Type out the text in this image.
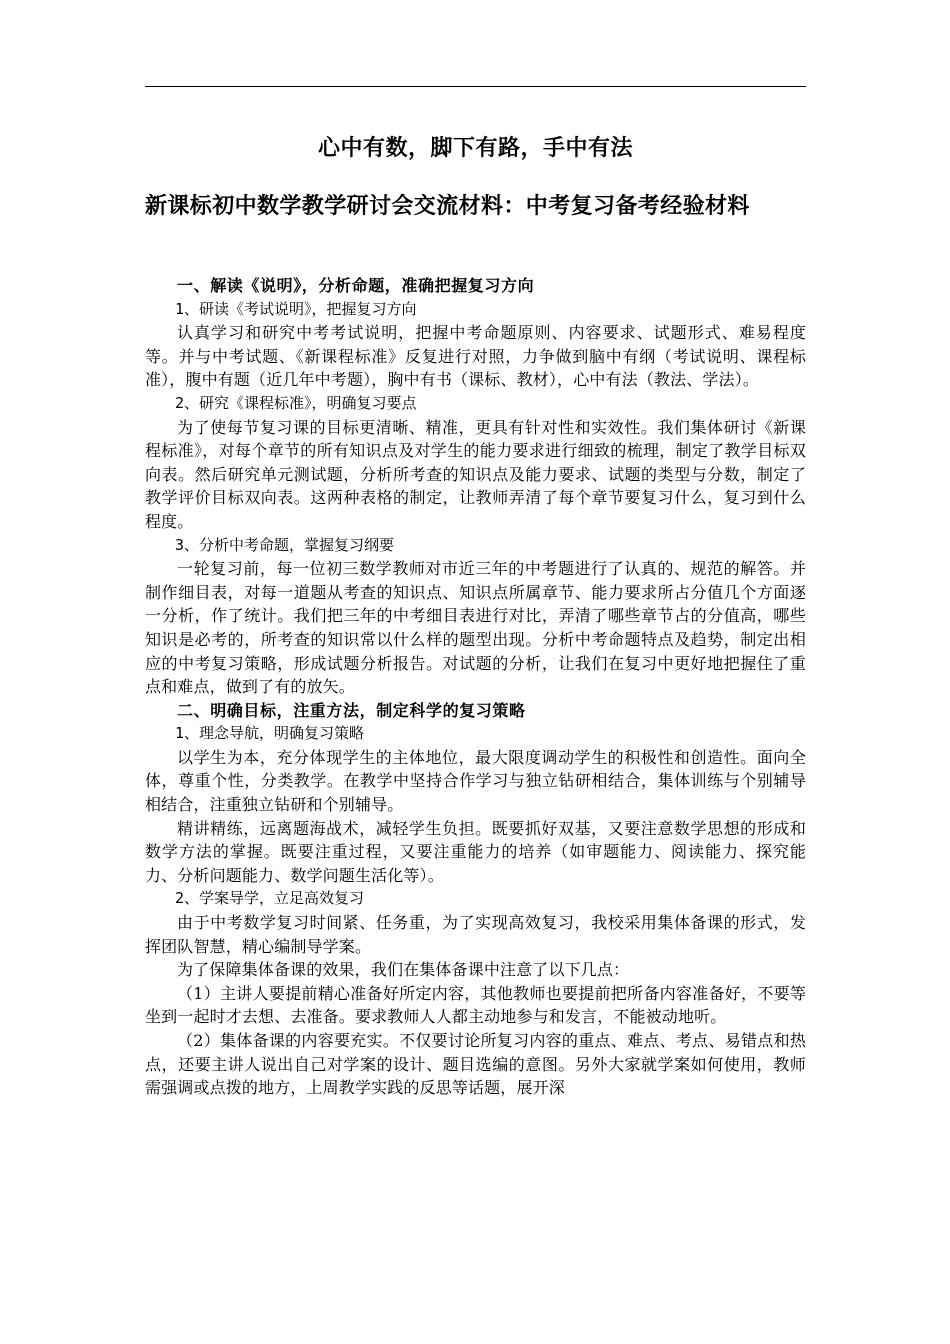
心中有数，脚下有路，手中有法
新课标初中数学教学研讨会交流材料：中考复习备考经验材料

一、解读《说明》，分析命题，准确把握复习方向

1、研读《考试说明》，把握复习方向

认真学习和研究中考考试说明，把握中考命题原则、内容要求、试题形式、难易程度等。并与中考试题、《新课程标准》反复进行对照，力争做到脑中有纲（考试说明、课程标准），腹中有题（近几年中考题），胸中有书（课标、教材），心中有法（教法、学法）。

2、研究《课程标准》，明确复习要点

为了使每节复习课的目标更清晰、精准，更具有针对性和实效性。我们集体研讨《新课程标准》，对每个章节的所有知识点及对学生的能力要求进行细致的梳理，制定了教学目标双向表。然后研究单元测试题，分析所考查的知识点及能力要求、试题的类型与分数，制定了教学评价目标双向表。这两种表格的制定，让教师弄清了每个章节要复习什么，复习到什么程度。

3、分析中考命题，掌握复习纲要

一轮复习前，每一位初三数学教师对市近三年的中考题进行了认真的、规范的解答。并制作细目表，对每一道题从考查的知识点、知识点所属章节、能力要求所占分值几个方面逐一分析，作了统计。我们把三年的中考细目表进行对比，弄清了哪些章节占的分值高，哪些知识是必考的，所考查的知识常以什么样的题型出现。分析中考命题特点及趋势，制定出相应的中考复习策略，形成试题分析报告。对试题的分析，让我们在复习中更好地把握住了重点和难点，做到了有的放矢。

二、明确目标，注重方法，制定科学的复习策略

1、理念导航，明确复习策略

以学生为本，充分体现学生的主体地位，最大限度调动学生的积极性和创造性。面向全体，尊重个性，分类教学。在教学中坚持合作学习与独立钻研相结合，集体训练与个别辅导相结合，注重独立钻研和个别辅导。

精讲精练，远离题海战术，减轻学生负担。既要抓好双基，又要注意数学思想的形成和数学方法的掌握。既要注重过程，又要注重能力的培养（如审题能力、阅读能力、探究能力、分析问题能力、数学问题生活化等）。

2、学案导学，立足高效复习

由于中考数学复习时间紧、任务重，为了实现高效复习，我校采用集体备课的形式，发挥团队智慧，精心编制导学案。

为了保障集体备课的效果，我们在集体备课中注意了以下几点：

（1）主讲人要提前精心准备好所定内容，其他教师也要提前把所备内容准备好，不要等坐到一起时才去想、去准备。要求教师人人都主动地参与和发言，不能被动地听。

（2）集体备课的内容要充实。不仅要讨论所复习内容的重点、难点、考点、易错点和热点，还要主讲人说出自己对学案的设计、题目选编的意图。另外大家就学案如何使用，教师需强调或点拨的地方，上周教学实践的反思等话题，展开深
